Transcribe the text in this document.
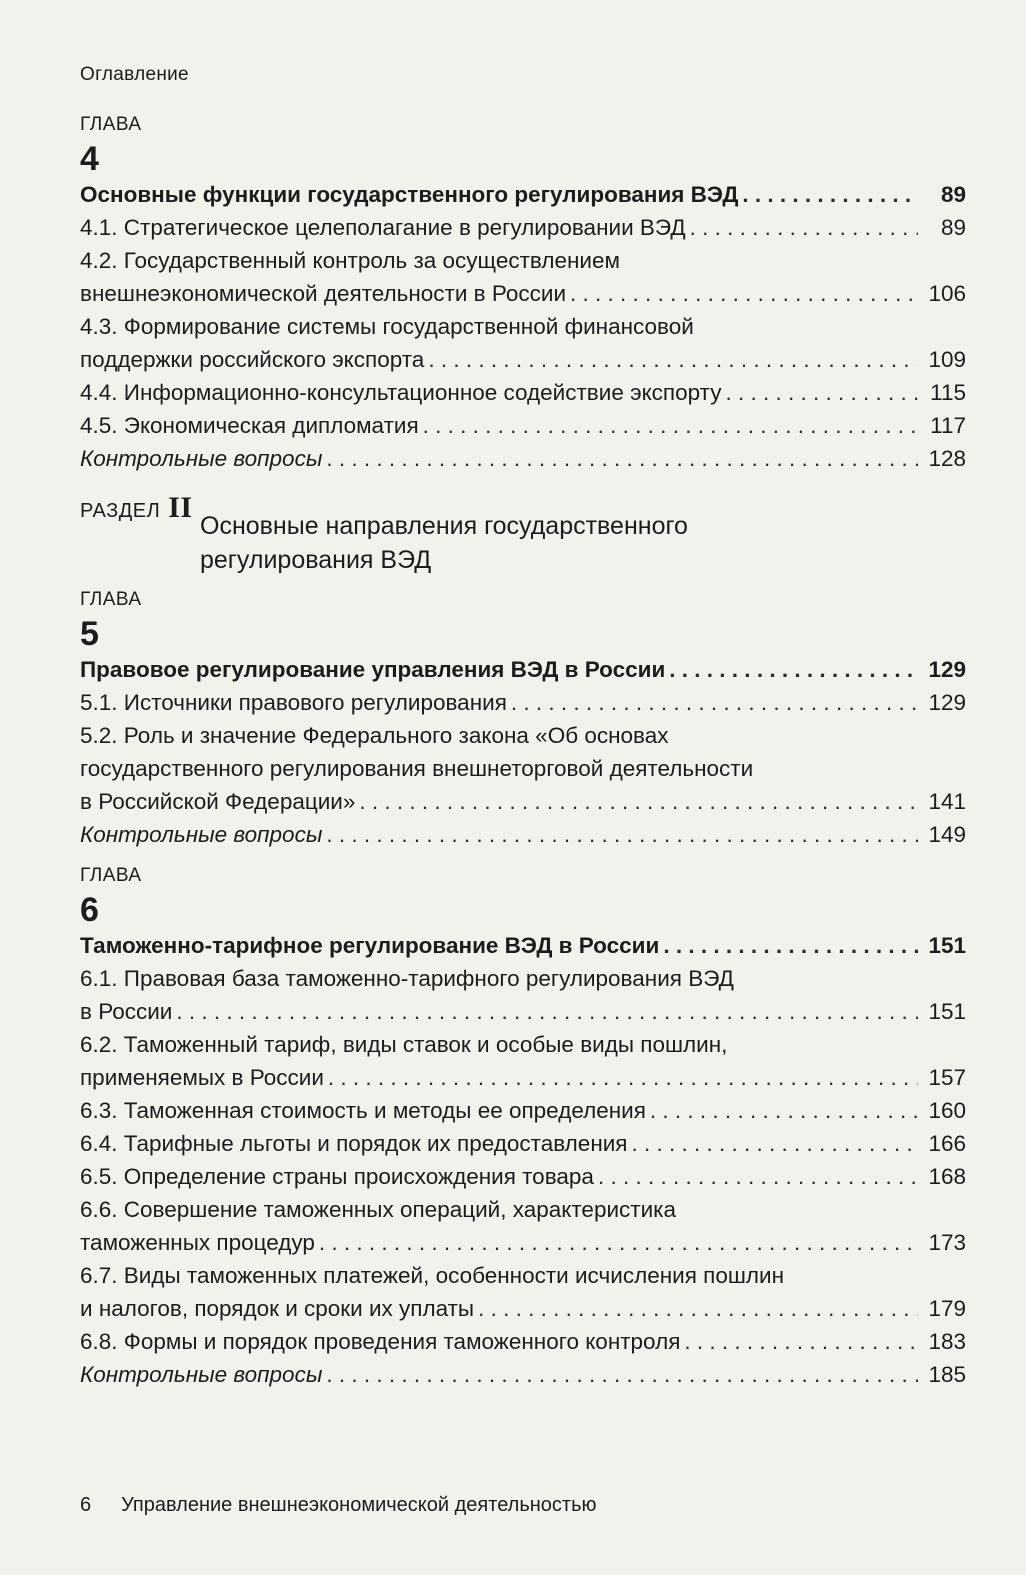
Оглавление
ГЛАВА
4
Основные функции государственного регулирования ВЭД . . .	89
4.1. Стратегическое целеполагание в регулировании ВЭД . . .	89
4.2. Государственный контроль за осуществлением
внешнеэкономической деятельности в России . . .	106
4.3. Формирование системы государственной финансовой
поддержки российского экспорта . . .	109
4.4. Информационно-консультационное содействие экспорту . . .	115
4.5. Экономическая дипломатия . . .	117
Контрольные вопросы . . .	128
РАЗДЕЛ II
Основные направления государственного
регулирования ВЭД
ГЛАВА
5
Правовое регулирование управления ВЭД в России . . .	129
5.1. Источники правового регулирования . . .	129
5.2. Роль и значение Федерального закона «Об основах
государственного регулирования внешнеторговой деятельности
в Российской Федерации» . . .	141
Контрольные вопросы . . .	149
ГЛАВА
6
Таможенно-тарифное регулирование ВЭД в России . . .	151
6.1. Правовая база таможенно-тарифного регулирования ВЭД
в России . . .	151
6.2. Таможенный тариф, виды ставок и особые виды пошлин,
применяемых в России . . .	157
6.3. Таможенная стоимость и методы ее определения . . .	160
6.4. Тарифные льготы и порядок их предоставления . . .	166
6.5. Определение страны происхождения товара . . .	168
6.6. Совершение таможенных операций, характеристика
таможенных процедур . . .	173
6.7. Виды таможенных платежей, особенности исчисления пошлин
и налогов, порядок и сроки их уплаты . . .	179
6.8. Формы и порядок проведения таможенного контроля . . .	183
Контрольные вопросы . . .	185
6 Управление внешнеэкономической деятельностью
